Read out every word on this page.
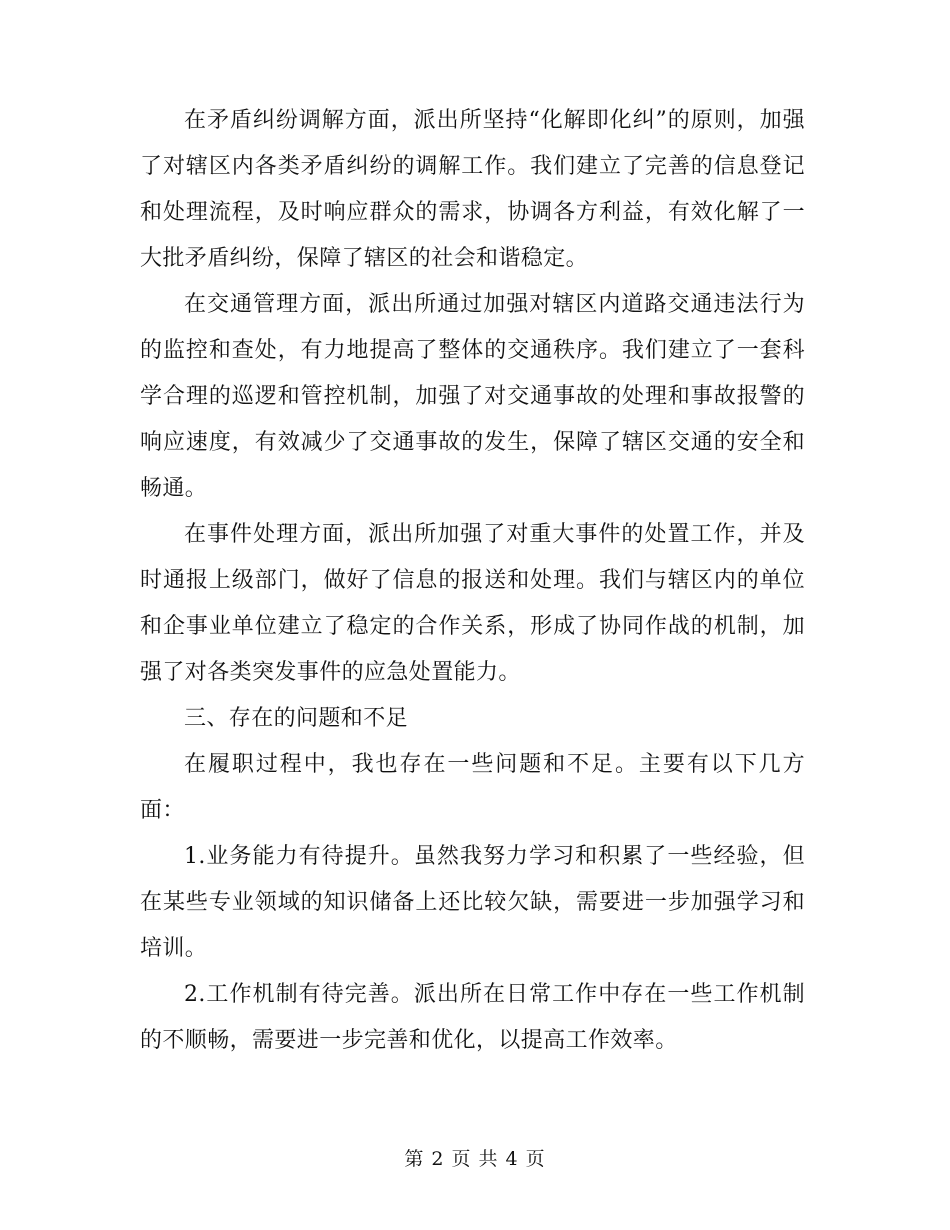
在矛盾纠纷调解方面，派出所坚持“化解即化纠”的原则，加强了对辖区内各类矛盾纠纷的调解工作。我们建立了完善的信息登记和处理流程，及时响应群众的需求，协调各方利益，有效化解了一大批矛盾纠纷，保障了辖区的社会和谐稳定。

在交通管理方面，派出所通过加强对辖区内道路交通违法行为的监控和查处，有力地提高了整体的交通秩序。我们建立了一套科学合理的巡逻和管控机制，加强了对交通事故的处理和事故报警的响应速度，有效减少了交通事故的发生，保障了辖区交通的安全和畅通。

在事件处理方面，派出所加强了对重大事件的处置工作，并及时通报上级部门，做好了信息的报送和处理。我们与辖区内的单位和企事业单位建立了稳定的合作关系，形成了协同作战的机制，加强了对各类突发事件的应急处置能力。

三、存在的问题和不足

在履职过程中，我也存在一些问题和不足。主要有以下几方面：

1.业务能力有待提升。虽然我努力学习和积累了一些经验，但在某些专业领域的知识储备上还比较欠缺，需要进一步加强学习和培训。

2.工作机制有待完善。派出所在日常工作中存在一些工作机制的不顺畅，需要进一步完善和优化，以提高工作效率。

第 2 页 共 4 页
